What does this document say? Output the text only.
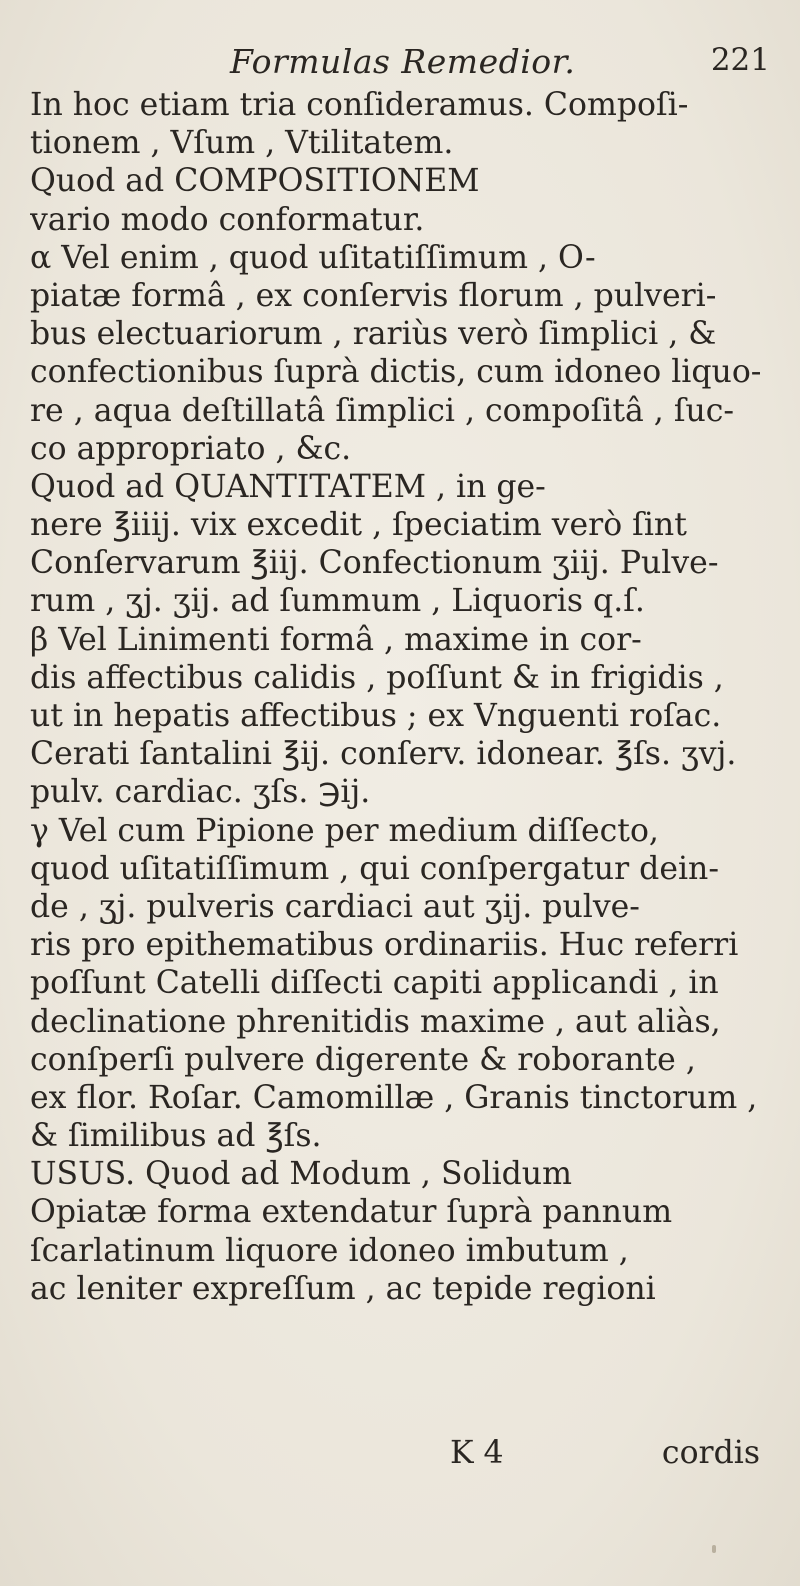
Formulas Remedior.	221
In hoc etiam tria conſideramus. Compoſi-
tionem , Vſum , Vtilitatem.
Quod ad COMPOSITIONEM
vario modo conformatur.
α Vel enim , quod uſitatiſſimum , O-
piatæ formâ , ex conſervis florum , pulveri-
bus electuariorum , rariùs verò ſimplici , &
confectionibus ſuprà dictis, cum idoneo liquo-
re , aqua deſtillatâ ſimplici , compoſitâ , ſuc-
co appropriato , &c.
Quod ad QUANTITATEM , in ge-
nere ℥iiij. vix excedit , ſpeciatim verò ſint
Conſervarum ℥iij. Confectionum ʒiij. Pulve-
rum , ʒj. ʒij. ad ſummum , Liquoris q.ſ.
β Vel Linimenti formâ , maxime in cor-
dis affectibus calidis , poſſunt & in frigidis ,
ut in hepatis affectibus ; ex Vnguenti roſac.
Cerati ſantalini ℥ij. conſerv. idonear. ℥ſs. ʒvj.
pulv. cardiac. ʒſs. ℈ij.
γ Vel cum Pipione per medium diſſecto,
quod uſitatiſſimum , qui conſpergatur dein-
de , ʒj. pulveris cardiaci aut ʒij. pulve-
ris pro epithematibus ordinariis. Huc referri
poſſunt Catelli diſſecti capiti applicandi , in
declinatione phrenitidis maxime , aut aliàs,
conſperſi pulvere digerente & roborante ,
ex flor. Roſar. Camomillæ , Granis tinctorum ,
& ſimilibus ad ℥ſs.
USUS. Quod ad Modum , Solidum
Opiatæ forma extendatur ſuprà pannum
ſcarlatinum liquore idoneo imbutum ,
ac leniter expreſſum , ac tepide regioni
K 4	cordis
